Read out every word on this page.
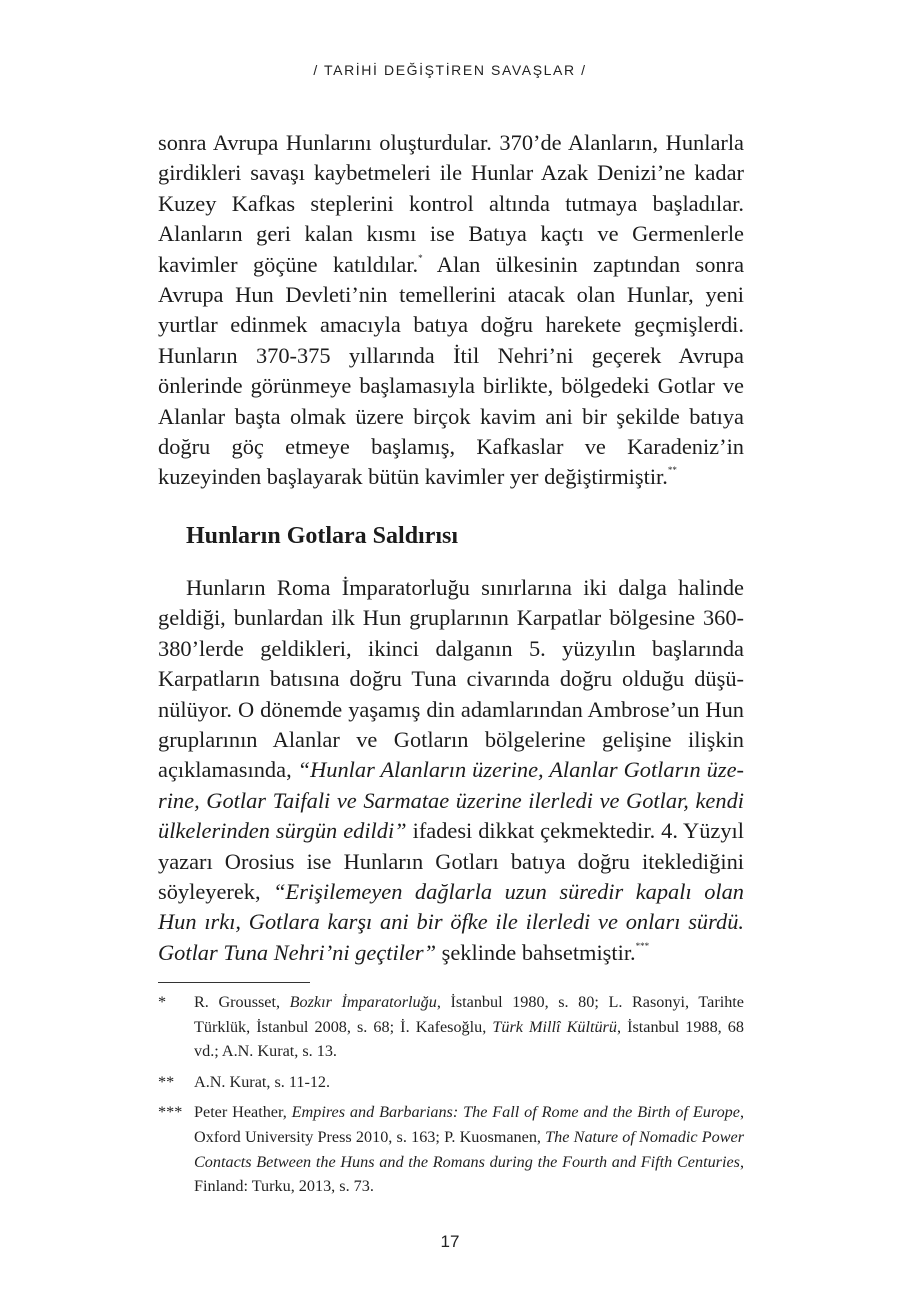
/ TARİHİ DEĞİŞTİREN SAVAŞLAR /

sonra Avrupa Hunlarını oluşturdular. 370’de Alanların, Hunlarla girdikleri savaşı kaybetmeleri ile Hunlar Azak Denizi’ne kadar Kuzey Kafkas steplerini kontrol altında tutmaya başladılar. Alanların geri kalan kısmı ise Batıya kaçtı ve Germenlerle kavimler göçüne katıldılar.* Alan ülkesinin zaptından sonra Avrupa Hun Devleti’nin temellerini atacak olan Hunlar, yeni yurtlar edinmek amacıyla batıya doğru harekete geçmişlerdi. Hunların 370-375 yıllarında İtil Nehri’ni geçerek Avrupa önlerinde görünmeye başlamasıyla birlikte, bölgedeki Gotlar ve Alanlar başta olmak üzere birçok kavim ani bir şekilde batıya doğru göç etmeye başlamış, Kafkaslar ve Karadeniz’in kuzeyinden başlayarak bütün kavimler yer değiştirmiştir.**

Hunların Gotlara Saldırısı

Hunların Roma İmparatorluğu sınırlarına iki dalga halinde geldiği, bunlardan ilk Hun gruplarının Karpatlar bölgesine 360-380’lerde geldikleri, ikinci dalganın 5. yüzyılın başlarında Karpatların batısına doğru Tuna civarında doğru olduğu düşünülüyor. O dönemde yaşamış din adamlarından Ambrose’un Hun gruplarının Alanlar ve Gotların bölgelerine gelişine ilişkin açıklamasında, “Hunlar Alanların üzerine, Alanlar Gotların üzerine, Gotlar Taifali ve Sarmatae üzerine ilerledi ve Gotlar, kendi ülkelerinden sürgün edildi” ifadesi dikkat çekmektedir. 4. Yüzyıl yazarı Orosius ise Hunların Gotları batıya doğru iteklediğini söyleyerek, “Erişilemeyen dağlarla uzun süredir kapalı olan Hun ırkı, Gotlara karşı ani bir öfke ile ilerledi ve onları sürdü. Gotlar Tuna Nehri’ni geçtiler” şeklinde bahsetmiştir.***

*	R. Grousset, Bozkır İmparatorluğu, İstanbul 1980, s. 80; L. Rasonyi, Tarihte Türklük, İstanbul 2008, s. 68; İ. Kafesoğlu, Türk Millî Kültürü, İstanbul 1988, 68 vd.; A.N. Kurat, s. 13.
**	A.N. Kurat, s. 11-12.
*** Peter Heather, Empires and Barbarians: The Fall of Rome and the Birth of Europe, Oxford University Press 2010, s. 163; P. Kuosmanen, The Nature of Nomadic Power Contacts Between the Huns and the Romans during the Fourth and Fifth Centuries, Finland: Turku, 2013, s. 73.
17
